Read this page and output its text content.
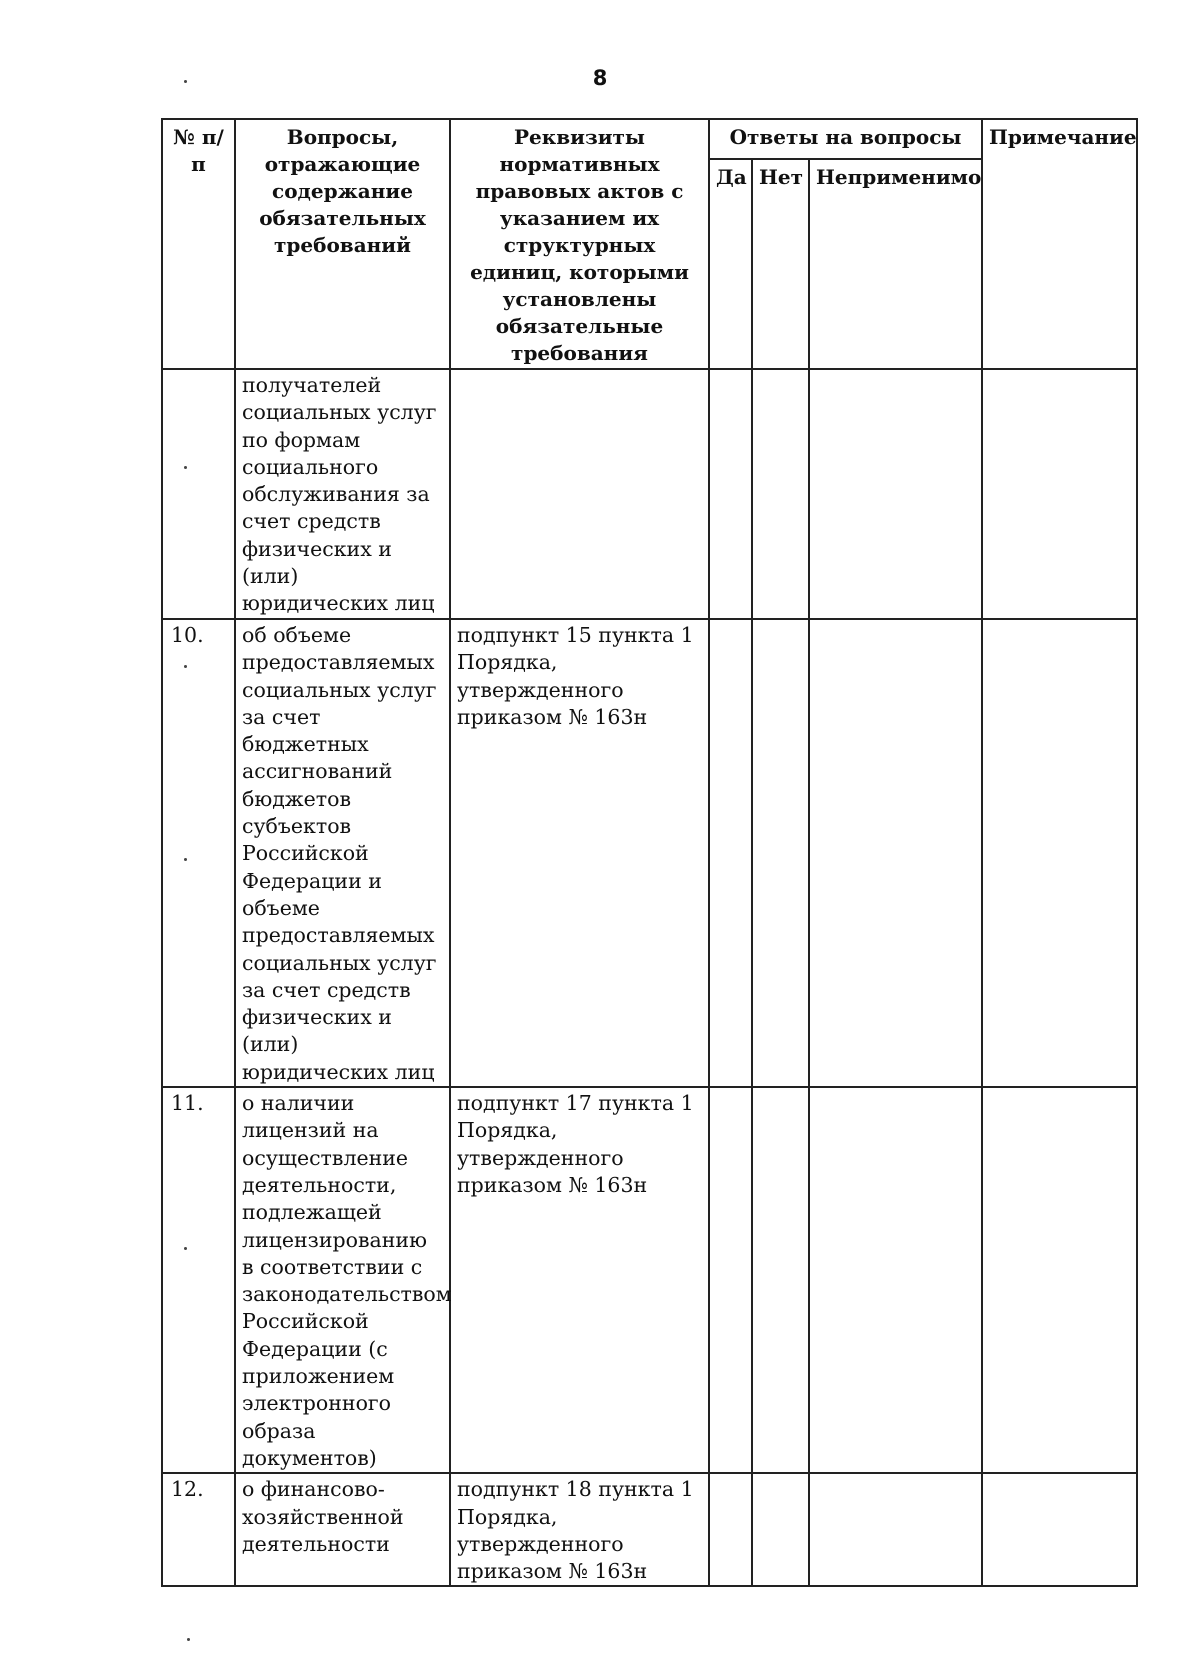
8
№ п/п	Вопросы, отражающие содержание обязательных требований	Реквизиты нормативных правовых актов с указанием их структурных единиц, которыми установлены обязательные требования	Ответы на вопросы			Примечание
			Да	Нет	Неприменимо	
	получателей социальных услуг по формам социального обслуживания за счет средств физических и (или) юридических лиц					
10.	об объеме предоставляемых социальных услуг за счет бюджетных ассигнований бюджетов субъектов Российской Федерации и объеме предоставляемых социальных услуг за счет средств физических и (или) юридических лиц	подпункт 15 пункта 1 Порядка, утвержденного приказом № 163н				
11.	о наличии лицензий на осуществление деятельности, подлежащей лицензированию в соответствии с законодательством Российской Федерации (с приложением электронного образа документов)	подпункт 17 пункта 1 Порядка, утвержденного приказом № 163н				
12.	о финансово-хозяйственной деятельности	подпункт 18 пункта 1 Порядка, утвержденного приказом № 163н				
